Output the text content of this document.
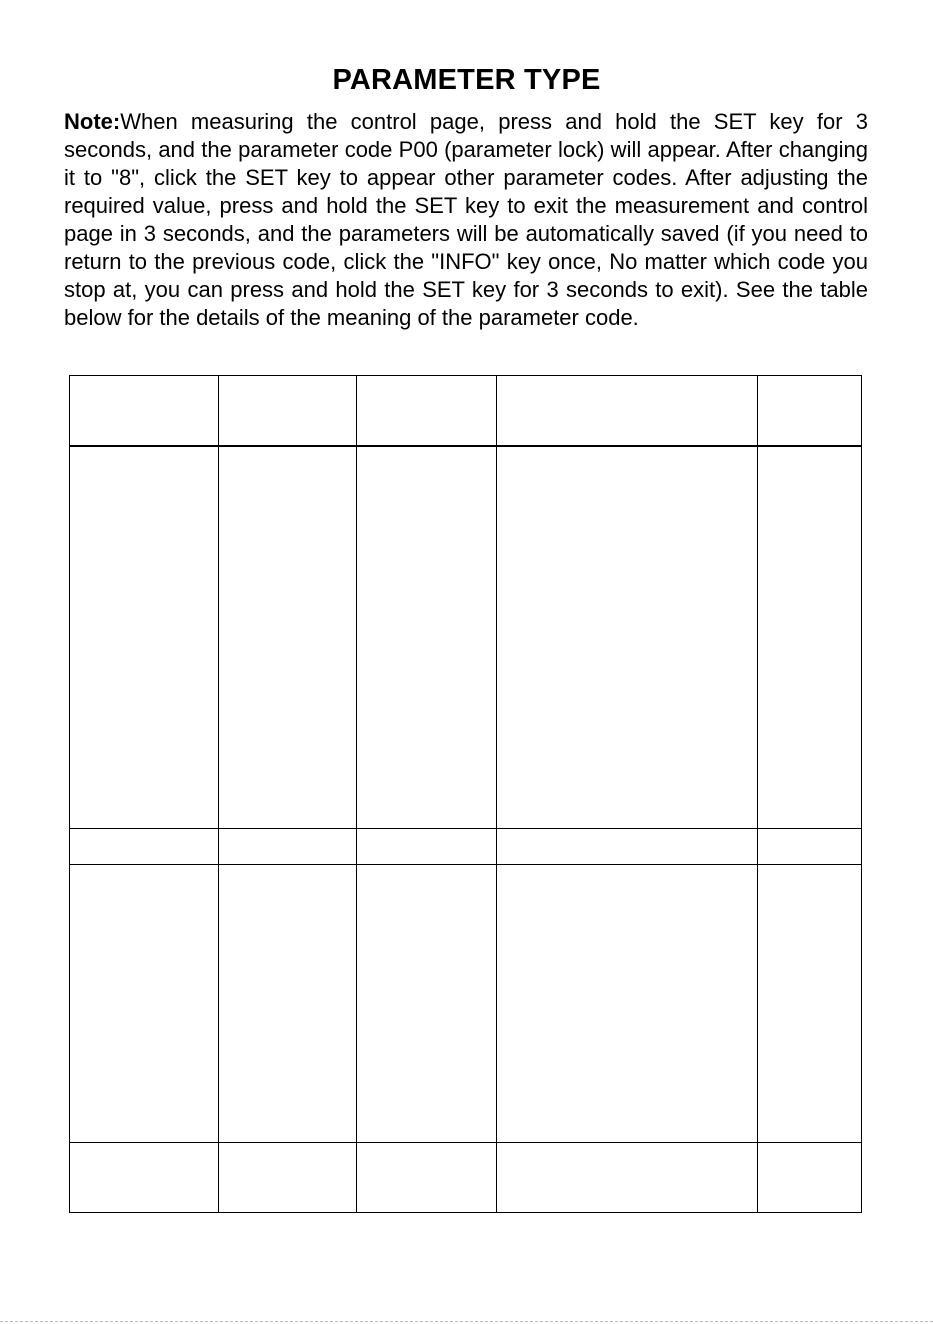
PARAMETER TYPE

Note:When measuring the control page, press and hold the SET key for 3 seconds, and the parameter code P00 (parameter lock) will appear. After changing it to "8", click the SET key to appear other parameter codes. After adjusting the required value, press and hold the SET key to exit the measurement and control page in 3 seconds, and the parameters will be automatically saved (if you need to return to the previous code, click the "INFO" key once, No matter which code you stop at, you can press and hold the SET key for 3 seconds to exit). See the table below for the details of the meaning of the parameter code.
